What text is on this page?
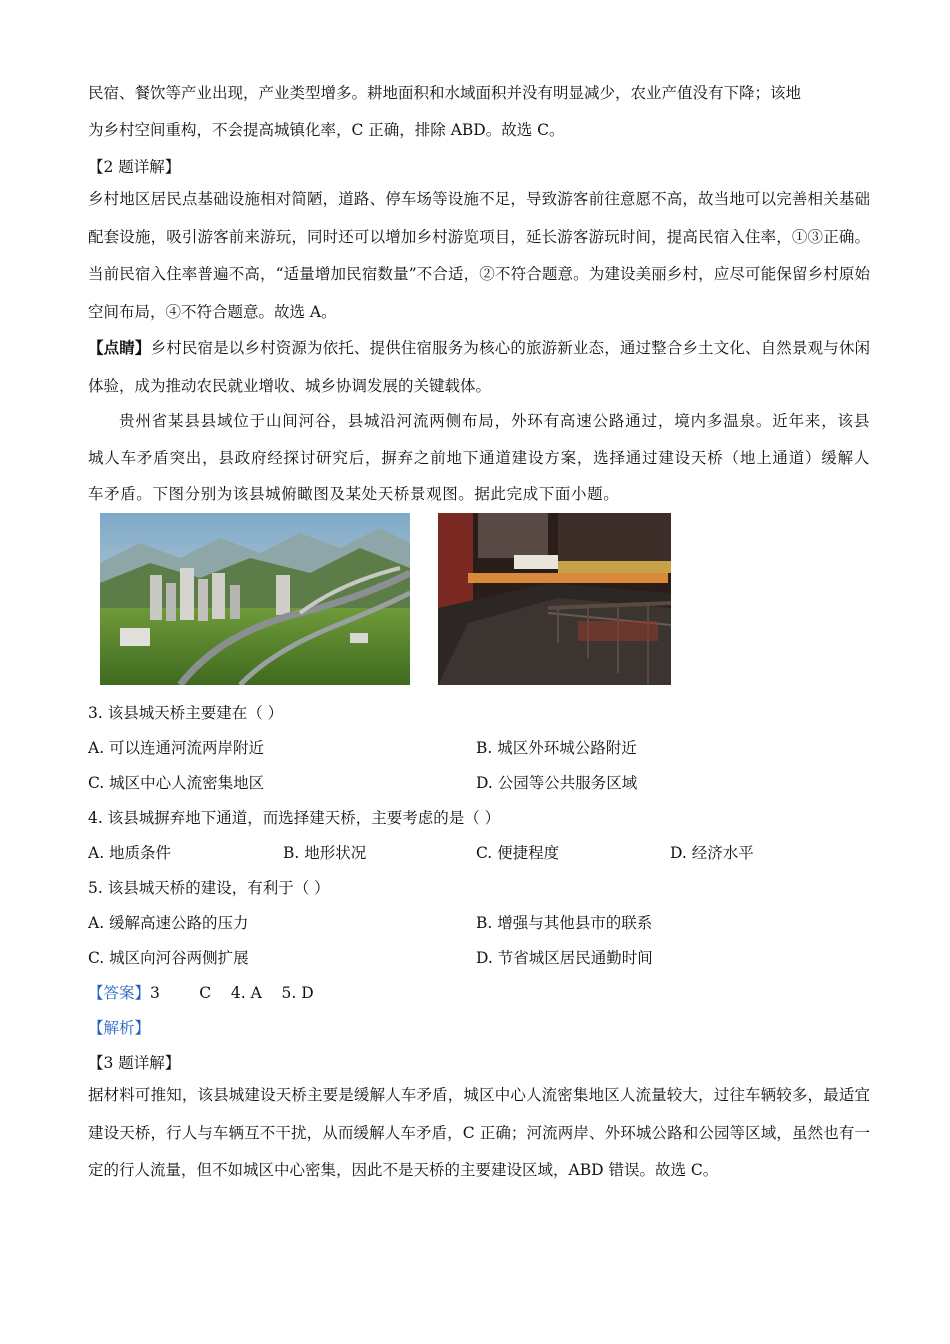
民宿、餐饮等产业出现，产业类型增多。耕地面积和水域面积并没有明显减少，农业产值没有下降；该地
为乡村空间重构，不会提高城镇化率，C 正确，排除 ABD。故选 C。
【2 题详解】
乡村地区居民点基础设施相对简陋，道路、停车场等设施不足，导致游客前往意愿不高，故当地可以完善相关基础配套设施，吸引游客前来游玩，同时还可以增加乡村游览项目，延长游客游玩时间，提高民宿入住率，①③正确。当前民宿入住率普遍不高，“适量增加民宿数量”不合适，②不符合题意。为建设美丽乡村，应尽可能保留乡村原始空间布局，④不符合题意。故选 A。
【点睛】乡村民宿是以乡村资源为依托、提供住宿服务为核心的旅游新业态，通过整合乡土文化、自然景观与休闲体验，成为推动农民就业增收、城乡协调发展的关键载体。
贵州省某县县域位于山间河谷，县城沿河流两侧布局，外环有高速公路通过，境内多温泉。近年来，该县城人车矛盾突出，县政府经探讨研究后，摒弃之前地下通道建设方案，选择通过建设天桥（地上通道）缓解人车矛盾。下图分别为该县城俯瞰图及某处天桥景观图。据此完成下面小题。
3. 该县城天桥主要建在（ ）
A. 可以连通河流两岸附近	B. 城区外环城公路附近
C. 城区中心人流密集地区	D. 公园等公共服务区域
4. 该县城摒弃地下通道，而选择建天桥，主要考虑的是（ ）
A. 地质条件	B. 地形状况	C. 便捷程度	D. 经济水平
5. 该县城天桥的建设，有利于（ ）
A. 缓解高速公路的压力	B. 增强与其他县市的联系
C. 城区向河谷两侧扩展	D. 节省城区居民通勤时间
【答案】3        C    4. A    5. D
【解析】
【3 题详解】
据材料可推知，该县城建设天桥主要是缓解人车矛盾，城区中心人流密集地区人流量较大，过往车辆较多，最适宜建设天桥，行人与车辆互不干扰，从而缓解人车矛盾，C 正确；河流两岸、外环城公路和公园等区域，虽然也有一定的行人流量，但不如城区中心密集，因此不是天桥的主要建设区域，ABD 错误。故选 C。
